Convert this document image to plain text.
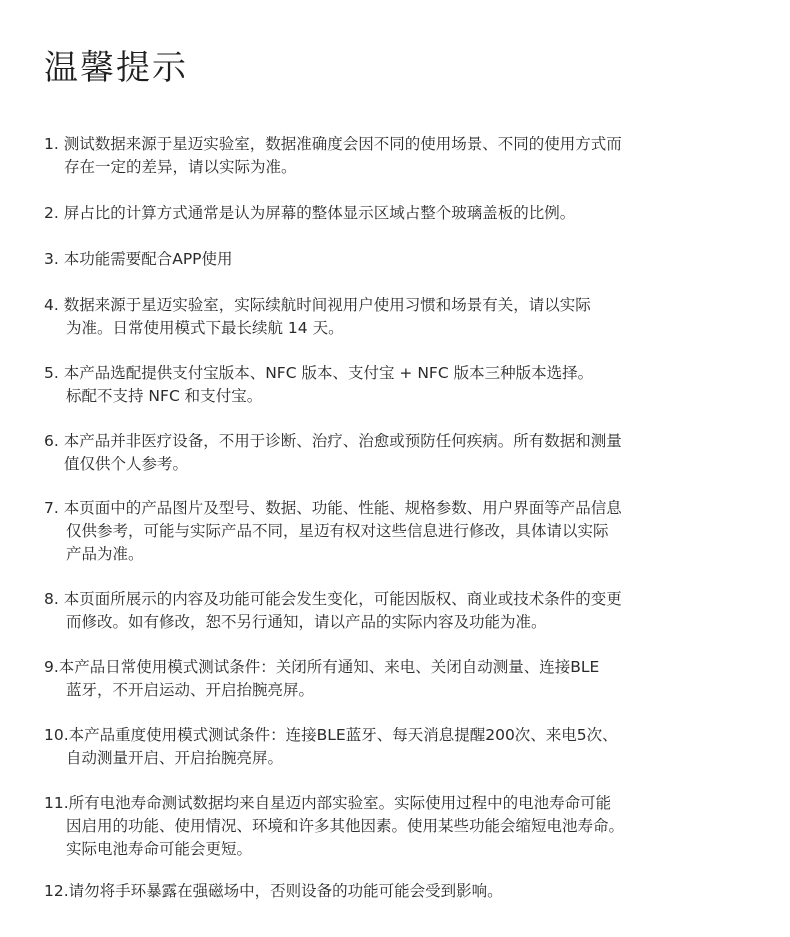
温馨提示
1. 测试数据来源于星迈实验室，数据准确度会因不同的使用场景、不同的使用方式而
存在一定的差异，请以实际为准。
2. 屏占比的计算方式通常是认为屏幕的整体显示区域占整个玻璃盖板的比例。
3. 本功能需要配合APP使用
4. 数据来源于星迈实验室，实际续航时间视用户使用习惯和场景有关，请以实际
为准。日常使用模式下最长续航 14 天。
5. 本产品选配提供支付宝版本、NFC 版本、支付宝 + NFC 版本三种版本选择。
标配不支持 NFC 和支付宝。
6. 本产品并非医疗设备，不用于诊断、治疗、治愈或预防任何疾病。所有数据和测量
值仅供个人参考。
7. 本页面中的产品图片及型号、数据、功能、性能、规格参数、用户界面等产品信息
仅供参考，可能与实际产品不同，星迈有权对这些信息进行修改，具体请以实际
产品为准。
8. 本页面所展示的内容及功能可能会发生变化，可能因版权、商业或技术条件的变更
而修改。如有修改，恕不另行通知，请以产品的实际内容及功能为准。
9.本产品日常使用模式测试条件：关闭所有通知、来电、关闭自动测量、连接BLE
蓝牙，不开启运动、开启抬腕亮屏。
10.本产品重度使用模式测试条件：连接BLE蓝牙、每天消息提醒200次、来电5次、
自动测量开启、开启抬腕亮屏。
11.所有电池寿命测试数据均来自星迈内部实验室。实际使用过程中的电池寿命可能
因启用的功能、使用情况、环境和许多其他因素。使用某些功能会缩短电池寿命。
实际电池寿命可能会更短。
12.请勿将手环暴露在强磁场中，否则设备的功能可能会受到影响。
